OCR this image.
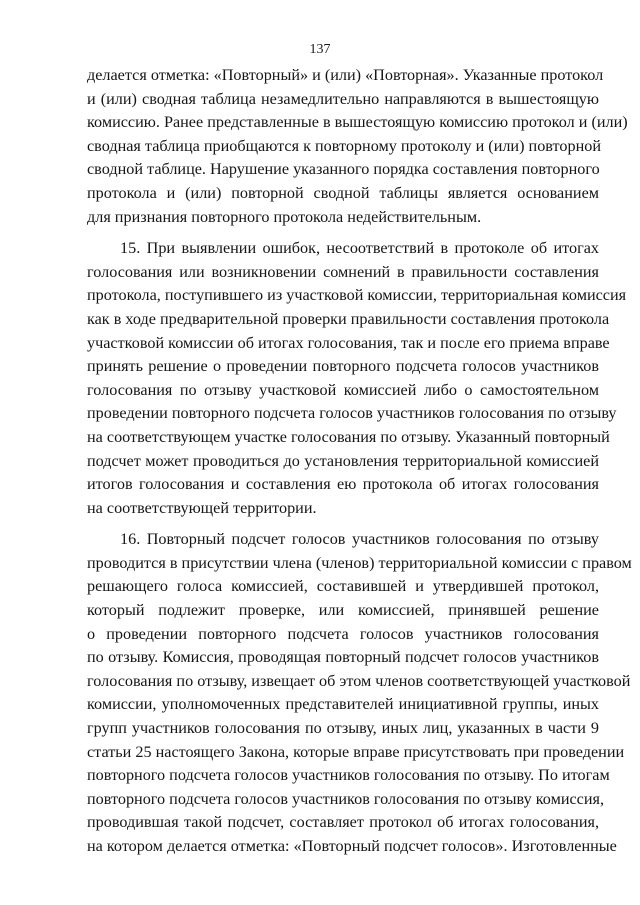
137
делается отметка: «Повторный» и (или) «Повторная». Указанные протокол
и (или) сводная таблица незамедлительно направляются в вышестоящую
комиссию. Ранее представленные в вышестоящую комиссию протокол и (или)
сводная таблица приобщаются к повторному протоколу и (или) повторной
сводной таблице. Нарушение указанного порядка составления повторного
протокола и (или) повторной сводной таблицы является основанием
для признания повторного протокола недействительным.
15. При выявлении ошибок, несоответствий в протоколе об итогах
голосования или возникновении сомнений в правильности составления
протокола, поступившего из участковой комиссии, территориальная комиссия
как в ходе предварительной проверки правильности составления протокола
участковой комиссии об итогах голосования, так и после его приема вправе
принять решение о проведении повторного подсчета голосов участников
голосования по отзыву участковой комиссией либо о самостоятельном
проведении повторного подсчета голосов участников голосования по отзыву
на соответствующем участке голосования по отзыву. Указанный повторный
подсчет может проводиться до установления территориальной комиссией
итогов голосования и составления ею протокола об итогах голосования
на соответствующей территории.
16. Повторный подсчет голосов участников голосования по отзыву
проводится в присутствии члена (членов) территориальной комиссии с правом
решающего голоса комиссией, составившей и утвердившей протокол,
который подлежит проверке, или комиссией, принявшей решение
о проведении повторного подсчета голосов участников голосования
по отзыву. Комиссия, проводящая повторный подсчет голосов участников
голосования по отзыву, извещает об этом членов соответствующей участковой
комиссии, уполномоченных представителей инициативной группы, иных
групп участников голосования по отзыву, иных лиц, указанных в части 9
статьи 25 настоящего Закона, которые вправе присутствовать при проведении
повторного подсчета голосов участников голосования по отзыву. По итогам
повторного подсчета голосов участников голосования по отзыву комиссия,
проводившая такой подсчет, составляет протокол об итогах голосования,
на котором делается отметка: «Повторный подсчет голосов». Изготовленные
